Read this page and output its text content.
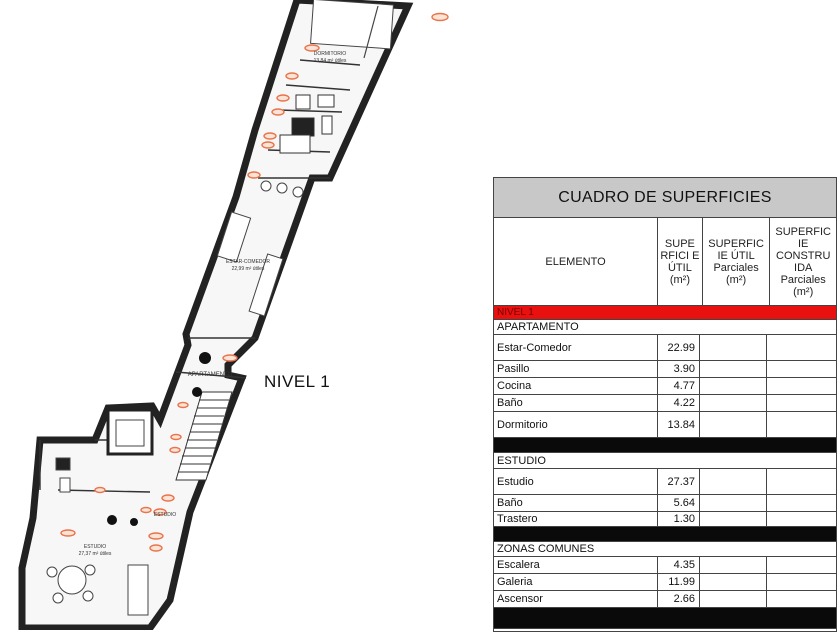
DORMITORIO
13,84 m² útiles
ESTAR-COMEDOR
22,99 m² útiles
APARTAMENTO
ESTUDIO
27,37 m² útiles
ESTUDIO
NIVEL 1
CUADRO DE SUPERFICIES
ELEMENTO
SUPE RFICI E ÚTIL (m²)
SUPERFIC IE ÚTIL Parciales (m²)
SUPERFIC IE CONSTRU IDA Parciales (m²)
NIVEL 1
APARTAMENTO
Estar-Comedor	22.99
Pasillo	3.90
Cocina	4.77
Baño	4.22
Dormitorio	13.84
ESTUDIO
Estudio	27.37
Baño	5.64
Trastero	1.30
ZONAS COMUNES
Escalera	4.35
Galeria	11.99
Ascensor	2.66
